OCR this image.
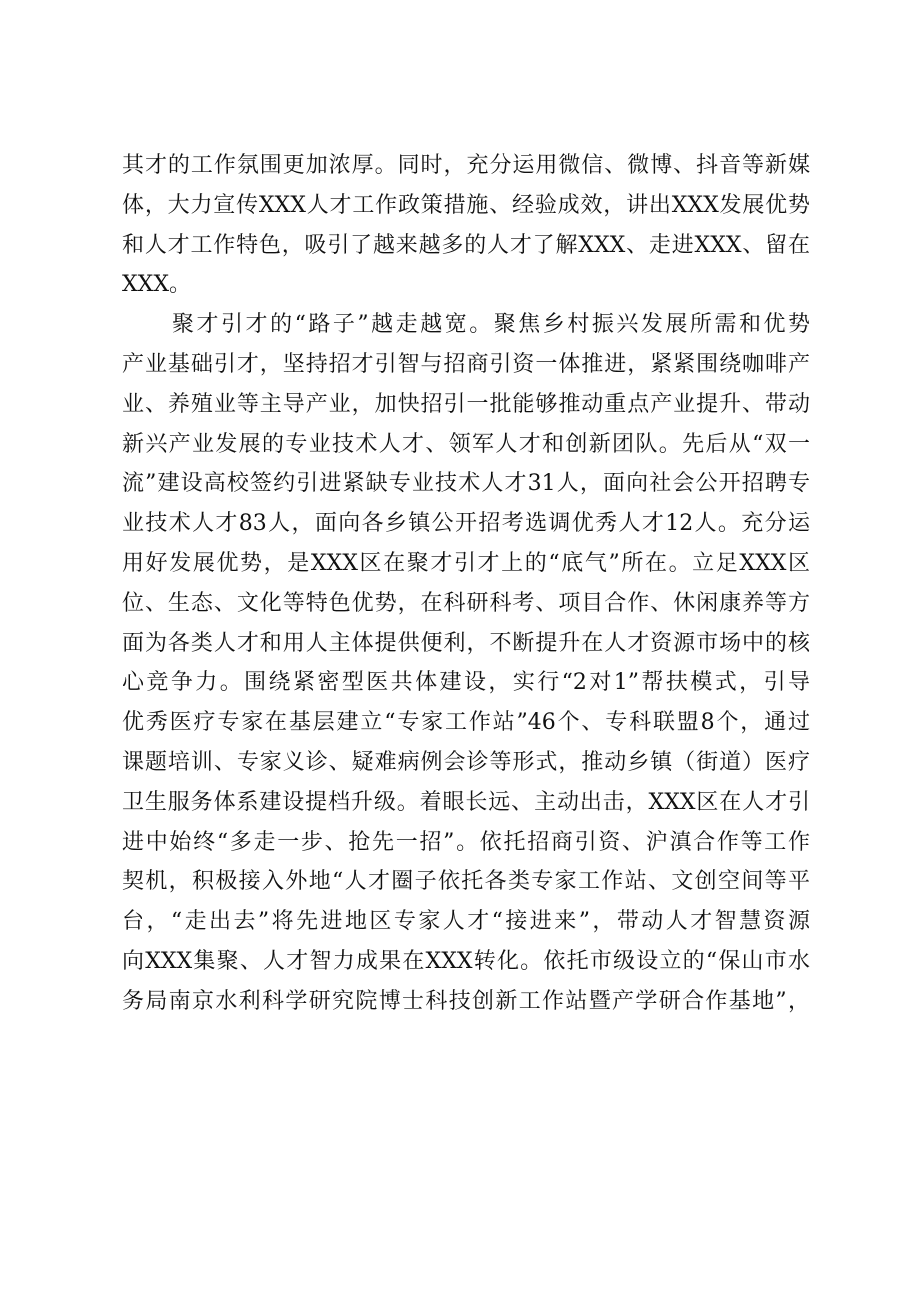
其才的工作氛围更加浓厚。同时，充分运用微信、微博、抖音等新媒
体，大力宣传XXX人才工作政策措施、经验成效，讲出XXX发展优势
和人才工作特色，吸引了越来越多的人才了解XXX、走进XXX、留在
XXX。
聚才引才的“路子”越走越宽。聚焦乡村振兴发展所需和优势
产业基础引才，坚持招才引智与招商引资一体推进，紧紧围绕咖啡产
业、养殖业等主导产业，加快招引一批能够推动重点产业提升、带动
新兴产业发展的专业技术人才、领军人才和创新团队。先后从“双一
流”建设高校签约引进紧缺专业技术人才31人，面向社会公开招聘专
业技术人才83人，面向各乡镇公开招考选调优秀人才12人。充分运
用好发展优势，是XXX区在聚才引才上的“底气”所在。立足XXX区
位、生态、文化等特色优势，在科研科考、项目合作、休闲康养等方
面为各类人才和用人主体提供便利，不断提升在人才资源市场中的核
心竞争力。围绕紧密型医共体建设，实行“2对1”帮扶模式，引导
优秀医疗专家在基层建立“专家工作站”46个、专科联盟8个，通过
课题培训、专家义诊、疑难病例会诊等形式，推动乡镇（街道）医疗
卫生服务体系建设提档升级。着眼长远、主动出击，XXX区在人才引
进中始终“多走一步、抢先一招”。依托招商引资、沪滇合作等工作
契机，积极接入外地“人才圈子依托各类专家工作站、文创空间等平
台，“走出去”将先进地区专家人才“接进来”，带动人才智慧资源
向XXX集聚、人才智力成果在XXX转化。依托市级设立的“保山市水
务局南京水利科学研究院博士科技创新工作站暨产学研合作基地”，
